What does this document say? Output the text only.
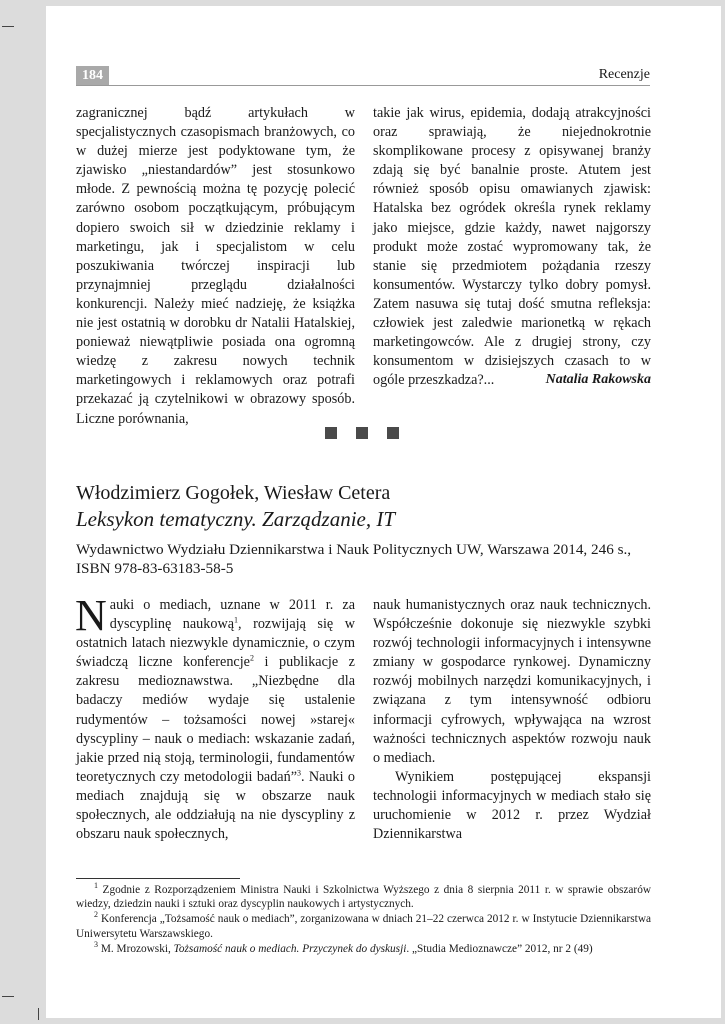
184	Recenzje

zagranicznej bądź artykułach w specjalistycznych czasopismach branżowych, co w dużej mierze jest podyktowane tym, że zjawisko „niestandardów” jest stosunkowo młode. Z pewnością można tę pozycję polecić zarówno osobom początkującym, próbującym dopiero swoich sił w dziedzinie reklamy i marketingu, jak i specjalistom w celu poszukiwania twórczej inspiracji lub przynajmniej przeglądu działalności konkurencji. Należy mieć nadzieję, że książka nie jest ostatnią w dorobku dr Natalii Hatalskiej, ponieważ niewątpliwie posiada ona ogromną wiedzę z zakresu nowych technik marketingowych i reklamowych oraz potrafi przekazać ją czytelnikowi w obrazowy sposób. Liczne porównania,

takie jak wirus, epidemia, dodają atrakcyjności oraz sprawiają, że niejednokrotnie skomplikowane procesy z opisywanej branży zdają się być banalnie proste. Atutem jest również sposób opisu omawianych zjawisk: Hatalska bez ogródek określa rynek reklamy jako miejsce, gdzie każdy, nawet najgorszy produkt może zostać wypromowany tak, że stanie się przedmiotem pożądania rzeszy konsumentów. Wystarczy tylko dobry pomysł. Zatem nasuwa się tutaj dość smutna refleksja: człowiek jest zaledwie marionetką w rękach marketingowców. Ale z drugiej strony, czy konsumentom w dzisiejszych czasach to w ogóle przeszkadza?...	Natalia Rakowska
Włodzimierz Gogołek, Wiesław Cetera
Leksykon tematyczny. Zarządzanie, IT
Wydawnictwo Wydziału Dziennikarstwa i Nauk Politycznych UW, Warszawa 2014, 246 s., ISBN 978-83-63183-58-5

Nauki o mediach, uznane w 2011 r. za dyscyplinę naukową$^1$, rozwijają się w ostatnich latach niezwykle dynamicznie, o czym świadczą liczne konferencje$^2$ i publikacje z zakresu medioznawstwa. „Niezbędne dla badaczy mediów wydaje się ustalenie rudymentów – tożsamości nowej »starej« dyscypliny – nauk o mediach: wskazanie zadań, jakie przed nią stoją, terminologii, fundamentów teoretycznych czy metodologii badań”$^3$. Nauki o mediach znajdują się w obszarze nauk społecznych, ale oddziałują na nie dyscypliny z obszaru nauk społecznych,

nauk humanistycznych oraz nauk technicznych. Współcześnie dokonuje się niezwykle szybki rozwój technologii informacyjnych i intensywne zmiany w gospodarce rynkowej. Dynamiczny rozwój mobilnych narzędzi komunikacyjnych, i związana z tym intensywność odbioru informacji cyfrowych, wpływająca na wzrost ważności technicznych aspektów rozwoju nauk o mediach.

Wynikiem postępującej ekspansji technologii informacyjnych w mediach stało się uruchomienie w 2012 r. przez Wydział Dziennikarstwa

$^1$ Zgodnie z Rozporządzeniem Ministra Nauki i Szkolnictwa Wyższego z dnia 8 sierpnia 2011 r. w sprawie obszarów wiedzy, dziedzin nauki i sztuki oraz dyscyplin naukowych i artystycznych.

$^2$ Konferencja „Tożsamość nauk o mediach”, zorganizowana w dniach 21–22 czerwca 2012 r. w Instytucie Dziennikarstwa Uniwersytetu Warszawskiego.

$^3$ M. Mrozowski, Tożsamość nauk o mediach. Przyczynek do dyskusji. „Studia Medioznawcze” 2012, nr 2 (49)
